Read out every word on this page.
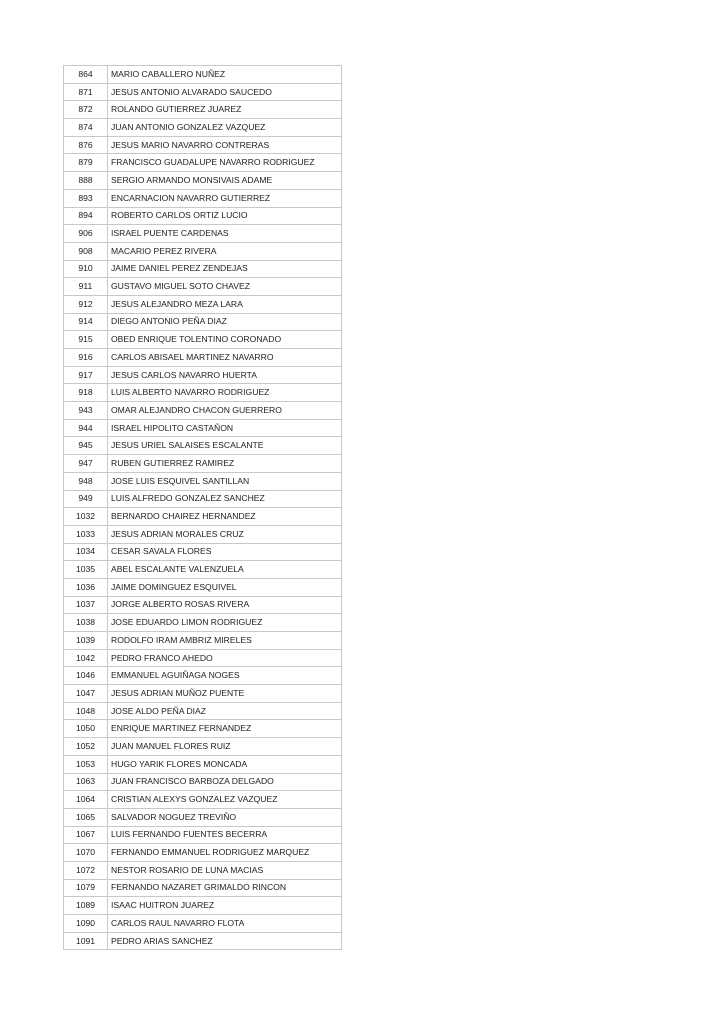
864	MARIO CABALLERO NUÑEZ
871	JESUS ANTONIO ALVARADO SAUCEDO
872	ROLANDO GUTIERREZ JUAREZ
874	JUAN ANTONIO GONZALEZ VAZQUEZ
876	JESUS MARIO NAVARRO CONTRERAS
879	FRANCISCO GUADALUPE NAVARRO RODRIGUEZ
888	SERGIO ARMANDO MONSIVAIS ADAME
893	ENCARNACION NAVARRO GUTIERREZ
894	ROBERTO CARLOS ORTIZ LUCIO
906	ISRAEL PUENTE CARDENAS
908	MACARIO PEREZ RIVERA
910	JAIME DANIEL PEREZ ZENDEJAS
911	GUSTAVO MIGUEL SOTO CHAVEZ
912	JESUS ALEJANDRO MEZA LARA
914	DIEGO ANTONIO PEÑA DIAZ
915	OBED ENRIQUE TOLENTINO CORONADO
916	CARLOS ABISAEL MARTINEZ NAVARRO
917	JESUS CARLOS NAVARRO HUERTA
918	LUIS ALBERTO NAVARRO RODRIGUEZ
943	OMAR ALEJANDRO CHACON GUERRERO
944	ISRAEL HIPOLITO CASTAÑON
945	JESUS URIEL SALAISES ESCALANTE
947	RUBEN GUTIERREZ RAMIREZ
948	JOSE LUIS ESQUIVEL SANTILLAN
949	LUIS ALFREDO GONZALEZ SANCHEZ
1032	BERNARDO CHAIREZ HERNANDEZ
1033	JESUS ADRIAN MORALES CRUZ
1034	CESAR SAVALA FLORES
1035	ABEL ESCALANTE VALENZUELA
1036	JAIME DOMINGUEZ ESQUIVEL
1037	JORGE ALBERTO ROSAS RIVERA
1038	JOSE EDUARDO LIMON RODRIGUEZ
1039	RODOLFO IRAM AMBRIZ MIRELES
1042	PEDRO FRANCO AHEDO
1046	EMMANUEL AGUIÑAGA NOGES
1047	JESUS ADRIAN MUÑOZ PUENTE
1048	JOSE ALDO PEÑA DIAZ
1050	ENRIQUE MARTINEZ FERNANDEZ
1052	JUAN MANUEL FLORES RUIZ
1053	HUGO YARIK FLORES MONCADA
1063	JUAN FRANCISCO BARBOZA DELGADO
1064	CRISTIAN ALEXYS GONZALEZ VAZQUEZ
1065	SALVADOR NOGUEZ TREVIÑO
1067	LUIS FERNANDO FUENTES BECERRA
1070	FERNANDO EMMANUEL RODRIGUEZ MARQUEZ
1072	NESTOR ROSARIO DE LUNA MACIAS
1079	FERNANDO NAZARET GRIMALDO RINCON
1089	ISAAC HUITRON JUAREZ
1090	CARLOS RAUL NAVARRO FLOTA
1091	PEDRO ARIAS SANCHEZ
